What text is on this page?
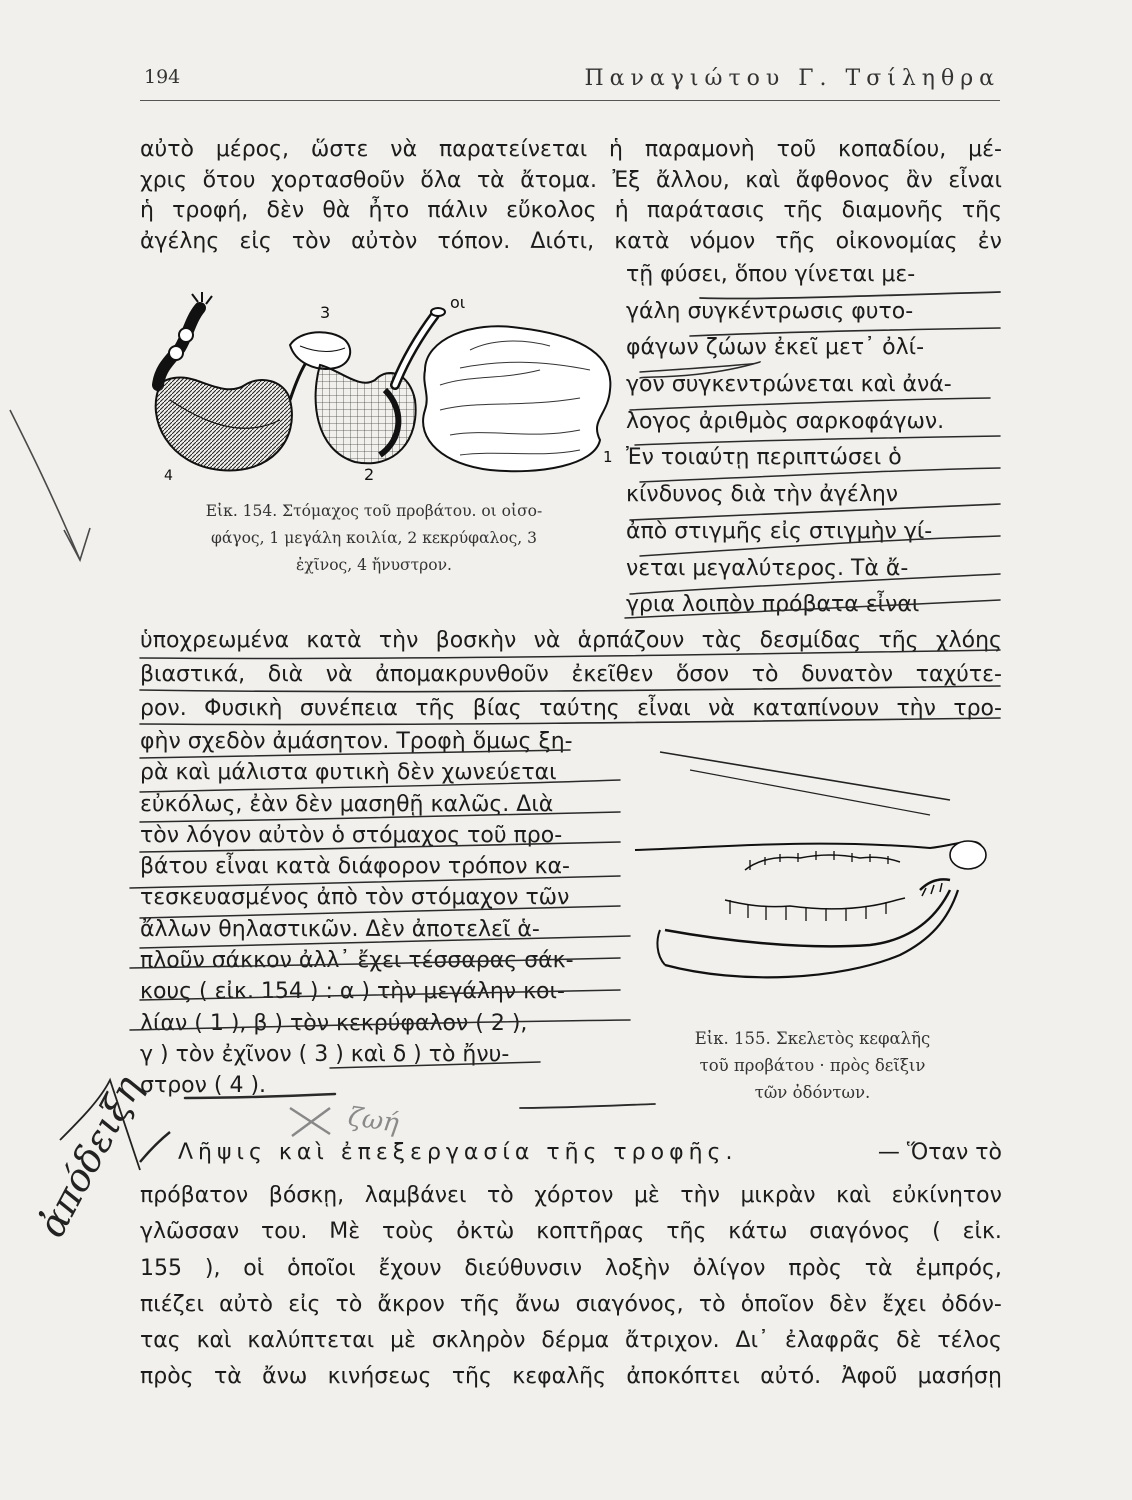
194	Παναγιώτου Γ. Τσίληθρα
αὐτὸ μέρος, ὥστε νὰ παρατείνεται ἡ παραμονὴ τοῦ κοπαδίου, μέ-
χρις ὅτου χορτασθοῦν ὅλα τὰ ἄτομα. Ἐξ ἄλλου, καὶ ἄφθονος ἂν εἶναι
ἡ τροφή, δὲν θὰ ἦτο πάλιν εὔκολος ἡ παράτασις τῆς διαμονῆς τῆς
ἀγέλης εἰς τὸν αὐτὸν τόπον. Διότι, κατὰ νόμον τῆς οἰκονομίας ἐν
τῇ φύσει, ὅπου γίνεται με-
γάλη συγκέντρωσις φυτο-
φάγων ζώων ἐκεῖ μετ᾽ ὀλί-
γον συγκεντρώνεται καὶ ἀνά-
λογος ἀριθμὸς σαρκοφάγων.
Ἐν τοιαύτῃ περιπτώσει ὁ
κίνδυνος διὰ τὴν ἀγέλην
ἀπὸ στιγμῆς εἰς στιγμὴν γί-
νεται μεγαλύτερος. Τὰ ἄ-
γρια λοιπὸν πρόβατα εἶναι
3
οι
4	2
1
Εἰκ. 154. Στόμαχος τοῦ προβάτου. οι οἰσο-
φάγος, 1 μεγάλη κοιλία, 2 κεκρύφαλος, 3
ἐχῖνος, 4 ἤνυστρον.
ὑποχρεωμένα κατὰ τὴν βοσκὴν νὰ ἁρπάζουν τὰς δεσμίδας τῆς χλόης
βιαστικά, διὰ νὰ ἀπομακρυνθοῦν ἐκεῖθεν ὅσον τὸ δυνατὸν ταχύτε-
ρον. Φυσικὴ συνέπεια τῆς βίας ταύτης εἶναι νὰ καταπίνουν τὴν τρο-
φὴν σχεδὸν ἀμάσητον. Τροφὴ ὅμως ξη-
ρὰ καὶ μάλιστα φυτικὴ δὲν χωνεύεται
εὐκόλως, ἐὰν δὲν μασηθῇ καλῶς. Διὰ
τὸν λόγον αὐτὸν ὁ στόμαχος τοῦ προ-
βάτου εἶναι κατὰ διάφορον τρόπον κα-
τεσκευασμένος ἀπὸ τὸν στόμαχον τῶν
ἄλλων θηλαστικῶν. Δὲν ἀποτελεῖ ἁ-
πλοῦν σάκκον ἀλλ᾽ ἔχει τέσσαρας σάκ-
κους ( εἰκ. 154 ) : α ) τὴν μεγάλην κοι-
λίαν ( 1 ), β ) τὸν κεκρύφαλον ( 2 ),
γ ) τὸν ἐχῖνον ( 3 ) καὶ δ ) τὸ ἤνυ-
στρον ( 4 ).
Εἰκ. 155. Σκελετὸς κεφαλῆς
τοῦ προβάτου · πρὸς δεῖξιν
τῶν ὀδόντων.
Λῆψις καὶ ἐπεξεργασία τῆς τροφῆς.	— Ὅταν τὸ
πρόβατον βόσκῃ, λαμβάνει τὸ χόρτον μὲ τὴν μικρὰν καὶ εὐκίνητον
γλῶσσαν του. Μὲ τοὺς ὀκτὼ κοπτῆρας τῆς κάτω σιαγόνος ( εἰκ.
155 ), οἱ ὁποῖοι ἔχουν διεύθυνσιν λοξὴν ὀλίγον πρὸς τὰ ἐμπρός,
πιέζει αὐτὸ εἰς τὸ ἄκρον τῆς ἄνω σιαγόνος, τὸ ὁποῖον δὲν ἔχει ὀδόν-
τας καὶ καλύπτεται μὲ σκληρὸν δέρμα ἄτριχον. Δι᾽ ἐλαφρᾶς δὲ τέλος
πρὸς τὰ ἄνω κινήσεως τῆς κεφαλῆς ἀποκόπτει αὐτό. Ἀφοῦ μασήσῃ
ἀπόδειξη	ζωή
